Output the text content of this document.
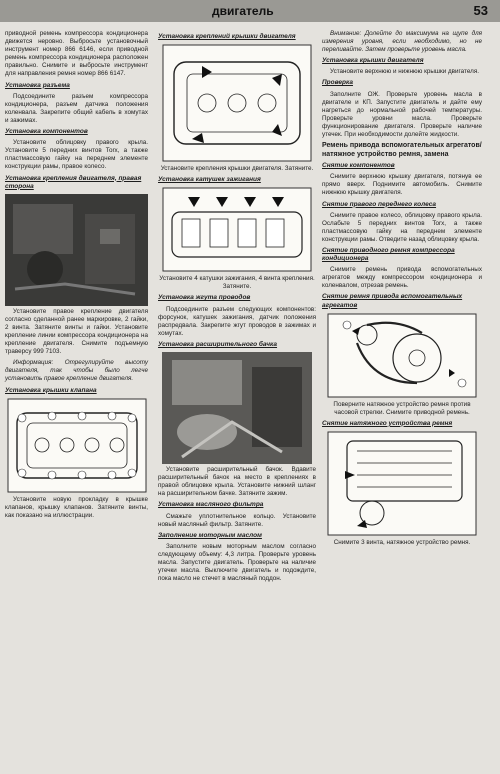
двигатель	53

приводной ремень компрессора кондиционера движется неровно. Выбросьте установочный инструмент номер 866 6146, если приводной ремень компрессора кондиционера расположен правильно. Снимите и выбросьте инструмент для направления ремня номер 866 6147.

Установка разъема

Подсоедините разъем компрессора кондиционера, разъем датчика положения коленвала. Закрепите общий кабель в хомутах и зажимах.

Установка компонентов

Установите облицовку правого крыла. Установите 5 передних винтов Torx, а также пластмассовую гайку на переднем элементе конструкции рамы, правое колесо.

Установка крепления двигателя, правая сторона

Установите правое крепление двигателя согласно сделанной ранее маркировке, 2 гайки, 2 винта. Затяните винты и гайки. Установите крепление линии компрессора кондиционера на крепление двигателя. Снимите подъемную траверсу 999 7103.

Информация: Отрегулируйте высоту двигателя, так чтобы было легче установить правое крепление двигателя.

Установка крышки клапана

Установите новую прокладку в крышке клапанов, крышку клапанов. Затяните винты, как показано на иллюстрации.

Установка креплений крышки двигателя

Установите крепления крышки двигателя. Затяните.

Установка катушек зажигания

Установите 4 катушки зажигания, 4 винта крепления. Затяните.

Установка жгута проводов

Подсоедините разъем следующих компонентов: форсунок, катушек зажигания, датчик положения распредвала. Закрепите жгут проводов в зажимах и хомутах.

Установка расширительного бачка

Установите расширительный бачок. Вдавите расширительный бачок на место в креплениях в правой облицовке крыла. Установите нижний шланг на расширительном бачке. Затяните зажим.

Установка масляного фильтра

Смажьте уплотнительное кольцо. Установите новый масляный фильтр. Затяните.

Заполнение моторным маслом

Заполните новым моторным маслом согласно следующему объему: 4,3 литра. Проверьте уровень масла. Запустите двигатель. Проверьте на наличие утечки масла. Выключите двигатель и подождите, пока масло не стечет в масляный поддон.

Внимание: Долейте до максимума на щупе для измерения уровня, если необходимо, но не переливайте. Затем проверьте уровень масла.

Установка крышки двигателя

Установите верхнюю и нижнюю крышки двигателя.

Проверка

Заполните ОЖ. Проверьте уровень масла в двигателе и КП. Запустите двигатель и дайте ему нагреться до нормальной рабочей температуры. Проверьте уровни масла. Проверьте функционирование двигателя. Проверьте наличие утечек. При необходимости долейте жидкости.

Ремень привода вспомогательных агрегатов/натяжное устройство ремня, замена
Снятие компонентов

Снимите верхнюю крышку двигателя, потянув ее прямо вверх. Поднимите автомобиль. Снимите нижнюю крышку двигателя.

Снятие правого переднего колеса

Снимите правое колесо, облицовку правого крыла. Ослабьте 5 передних винтов Torx, а также пластмассовую гайку на переднем элементе конструкции рамы. Отведите назад облицовку крыла.

Снятие приводного ремня компрессора кондиционера

Снимите ремень привода вспомогательных агрегатов между компрессором кондиционера и коленвалом, отрезав ремень.

Снятие ремня привода вспомогательных агрегатов

Поверните натяжное устройство ремня против часовой стрелки. Снимите приводной ремень.

Снятие натяжного устройства ремня

Снимите 3 винта, натяжное устройство ремня.
